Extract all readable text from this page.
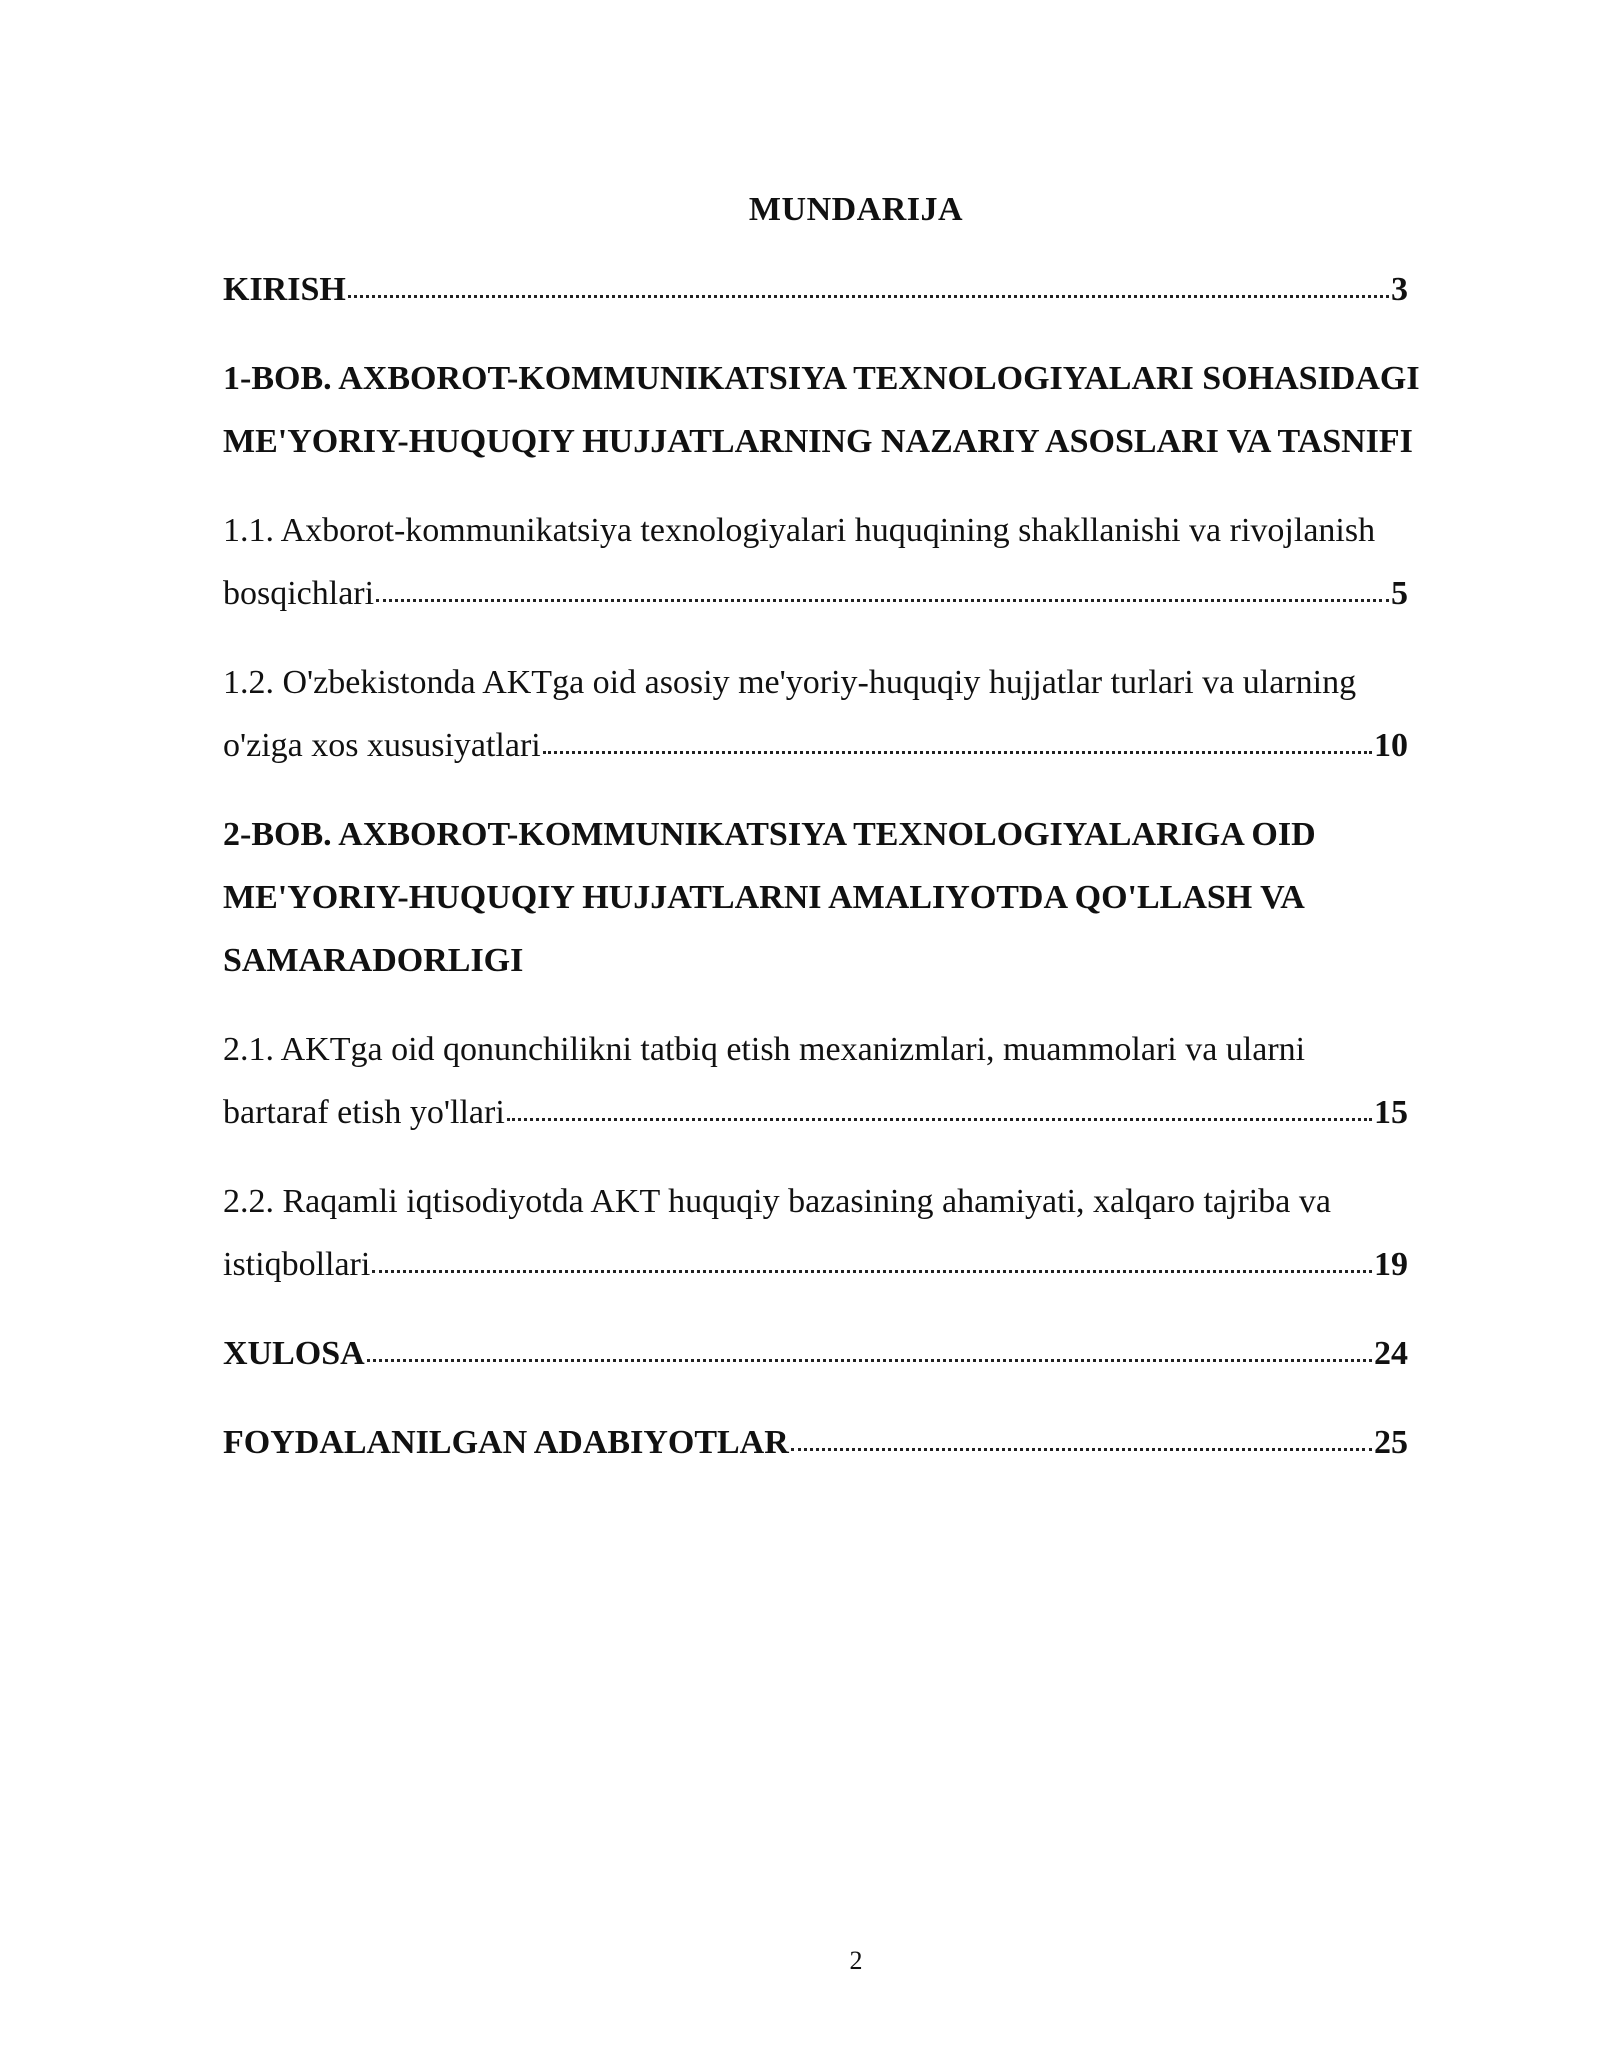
MUNDARIJA
KIRISH	3
1-BOB. AXBOROT-KOMMUNIKATSIYA TEXNOLOGIYALARI SOHASIDAGI ME'YORIY-HUQUQIY HUJJATLARNING NAZARIY ASOSLARI VA TASNIFI
1.1. Axborot-kommunikatsiya texnologiyalari huquqining shakllanishi va rivojlanish
bosqichlari	5
1.2. O'zbekistonda AKTga oid asosiy me'yoriy-huquqiy hujjatlar turlari va ularning
o'ziga xos xususiyatlari	10
2-BOB. AXBOROT-KOMMUNIKATSIYA TEXNOLOGIYALARIGA OID ME'YORIY-HUQUQIY HUJJATLARNI AMALIYOTDA QO'LLASH VA SAMARADORLIGI
2.1. AKTga oid qonunchilikni tatbiq etish mexanizmlari, muammolari va ularni
bartaraf etish yo'llari	15
2.2. Raqamli iqtisodiyotda AKT huquqiy bazasining ahamiyati, xalqaro tajriba va
istiqbollari	19
XULOSA	24
FOYDALANILGAN ADABIYOTLAR	25
2
